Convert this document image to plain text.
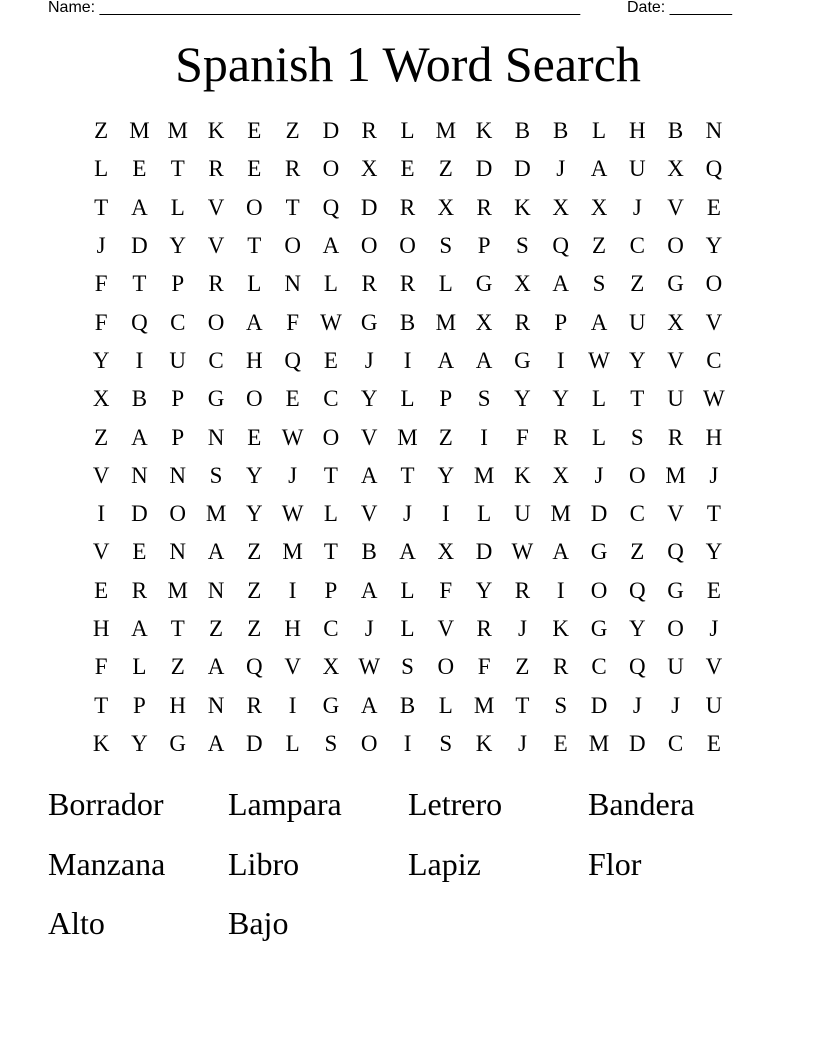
Name: ______________________________________________________	Date: _______
Spanish 1 Word Search
Z M M K E	Z D R	L M K B B	L H B N
L	E	T	R	E	R O X E	Z D D	J	A U X Q
T A L V O T Q D R X R K X X	J	V E
J	D Y V T O A O O	S	P	S	Q Z	C O Y
F	T	P	R	L N L	R R	L G X A	S	Z G O
F	Q C O A	F W G B M X R	P	A U X V
Y	I	U C H Q E	J	I	A A G	I	W Y V C
X B	P	G O E	C Y L	P	S	Y Y L	T U W
Z A	P	N E W O V M Z	I	F	R	L	S	R H
V N N	S	Y	J	T A T Y M K X	J	O M	J
I	D O M Y W L V	J	I	L U M D C V T
V E N A Z M T	B A X D W A G Z Q Y
E	R M N Z	I	P	A L	F	Y R	I	O Q G E
H A T	Z	Z H C	J	L V R	J	K G Y O	J
F	L	Z A Q V X W S	O	F	Z	R C Q U V
T	P	H N R	I	G A B	L M T	S	D	J	J	U
K Y G A D L	S	O	I	S	K	J	E M D C	E
Borrador	Lampara	Letrero	Bandera
Manzana	Libro	Lapiz	Flor
Alto	Bajo
